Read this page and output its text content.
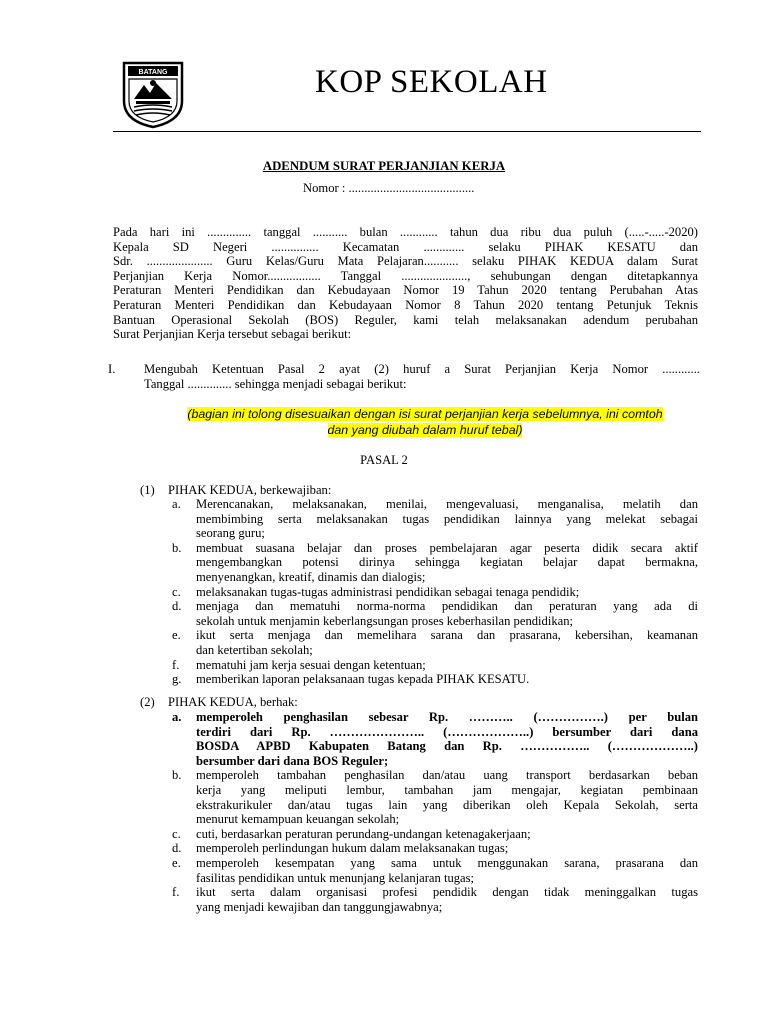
BATANG	KOP SEKOLAH
ADENDUM SURAT PERJANJIAN KERJA
Nomor : ........................................
Pada hari ini .............. tanggal ........... bulan ............ tahun dua ribu dua puluh (.....-.....-2020)
Kepala SD Negeri ............... Kecamatan ............. selaku PIHAK KESATU dan
Sdr. ..................... Guru Kelas/Guru Mata Pelajaran........... selaku PIHAK KEDUA dalam Surat
Perjanjian Kerja Nomor................. Tanggal ....................., sehubungan dengan ditetapkannya
Peraturan Menteri Pendidikan dan Kebudayaan Nomor 19 Tahun 2020 tentang Perubahan Atas
Peraturan Menteri Pendidikan dan Kebudayaan Nomor 8 Tahun 2020 tentang Petunjuk Teknis
Bantuan Operasional Sekolah (BOS) Reguler, kami telah melaksanakan adendum perubahan
Surat Perjanjian Kerja tersebut sebagai berikut:
I. Mengubah Ketentuan Pasal 2 ayat (2) huruf a Surat Perjanjian Kerja Nomor ............
Tanggal .............. sehingga menjadi sebagai berikut:
(bagian ini tolong disesuaikan dengan isi surat perjanjian kerja sebelumnya, ini comtoh
dan yang diubah dalam huruf tebal)
PASAL 2
(1) PIHAK KEDUA, berkewajiban:
a. Merencanakan, melaksanakan, menilai, mengevaluasi, menganalisa, melatih dan
membimbing serta melaksanakan tugas pendidikan lainnya yang melekat sebagai
seorang guru;
b. membuat suasana belajar dan proses pembelajaran agar peserta didik secara aktif
mengembangkan potensi dirinya sehingga kegiatan belajar dapat bermakna,
menyenangkan, kreatif, dinamis dan dialogis;
c. melaksanakan tugas-tugas administrasi pendidikan sebagai tenaga pendidik;
d. menjaga dan mematuhi norma-norma pendidikan dan peraturan yang ada di
sekolah untuk menjamin keberlangsungan proses keberhasilan pendidikan;
e. ikut serta menjaga dan memelihara sarana dan prasarana, kebersihan, keamanan
dan ketertiban sekolah;
f. mematuhi jam kerja sesuai dengan ketentuan;
g. memberikan laporan pelaksanaan tugas kepada PIHAK KESATU.
(2) PIHAK KEDUA, berhak:
a. memperoleh penghasilan sebesar Rp. ……….. (…………….) per bulan
terdiri dari Rp. ………………….. (………………..) bersumber dari dana
BOSDA APBD Kabupaten Batang dan Rp. …………….. (………………..)
bersumber dari dana BOS Reguler;
b. memperoleh tambahan penghasilan dan/atau uang transport berdasarkan beban
kerja yang meliputi lembur, tambahan jam mengajar, kegiatan pembinaan
ekstrakurikuler dan/atau tugas lain yang diberikan oleh Kepala Sekolah, serta
menurut kemampuan keuangan sekolah;
c. cuti, berdasarkan peraturan perundang-undangan ketenagakerjaan;
d. memperoleh perlindungan hukum dalam melaksanakan tugas;
e. memperoleh kesempatan yang sama untuk menggunakan sarana, prasarana dan
fasilitas pendidikan untuk menunjang kelanjaran tugas;
f. ikut serta dalam organisasi profesi pendidik dengan tidak meninggalkan tugas
yang menjadi kewajiban dan tanggungjawabnya;
